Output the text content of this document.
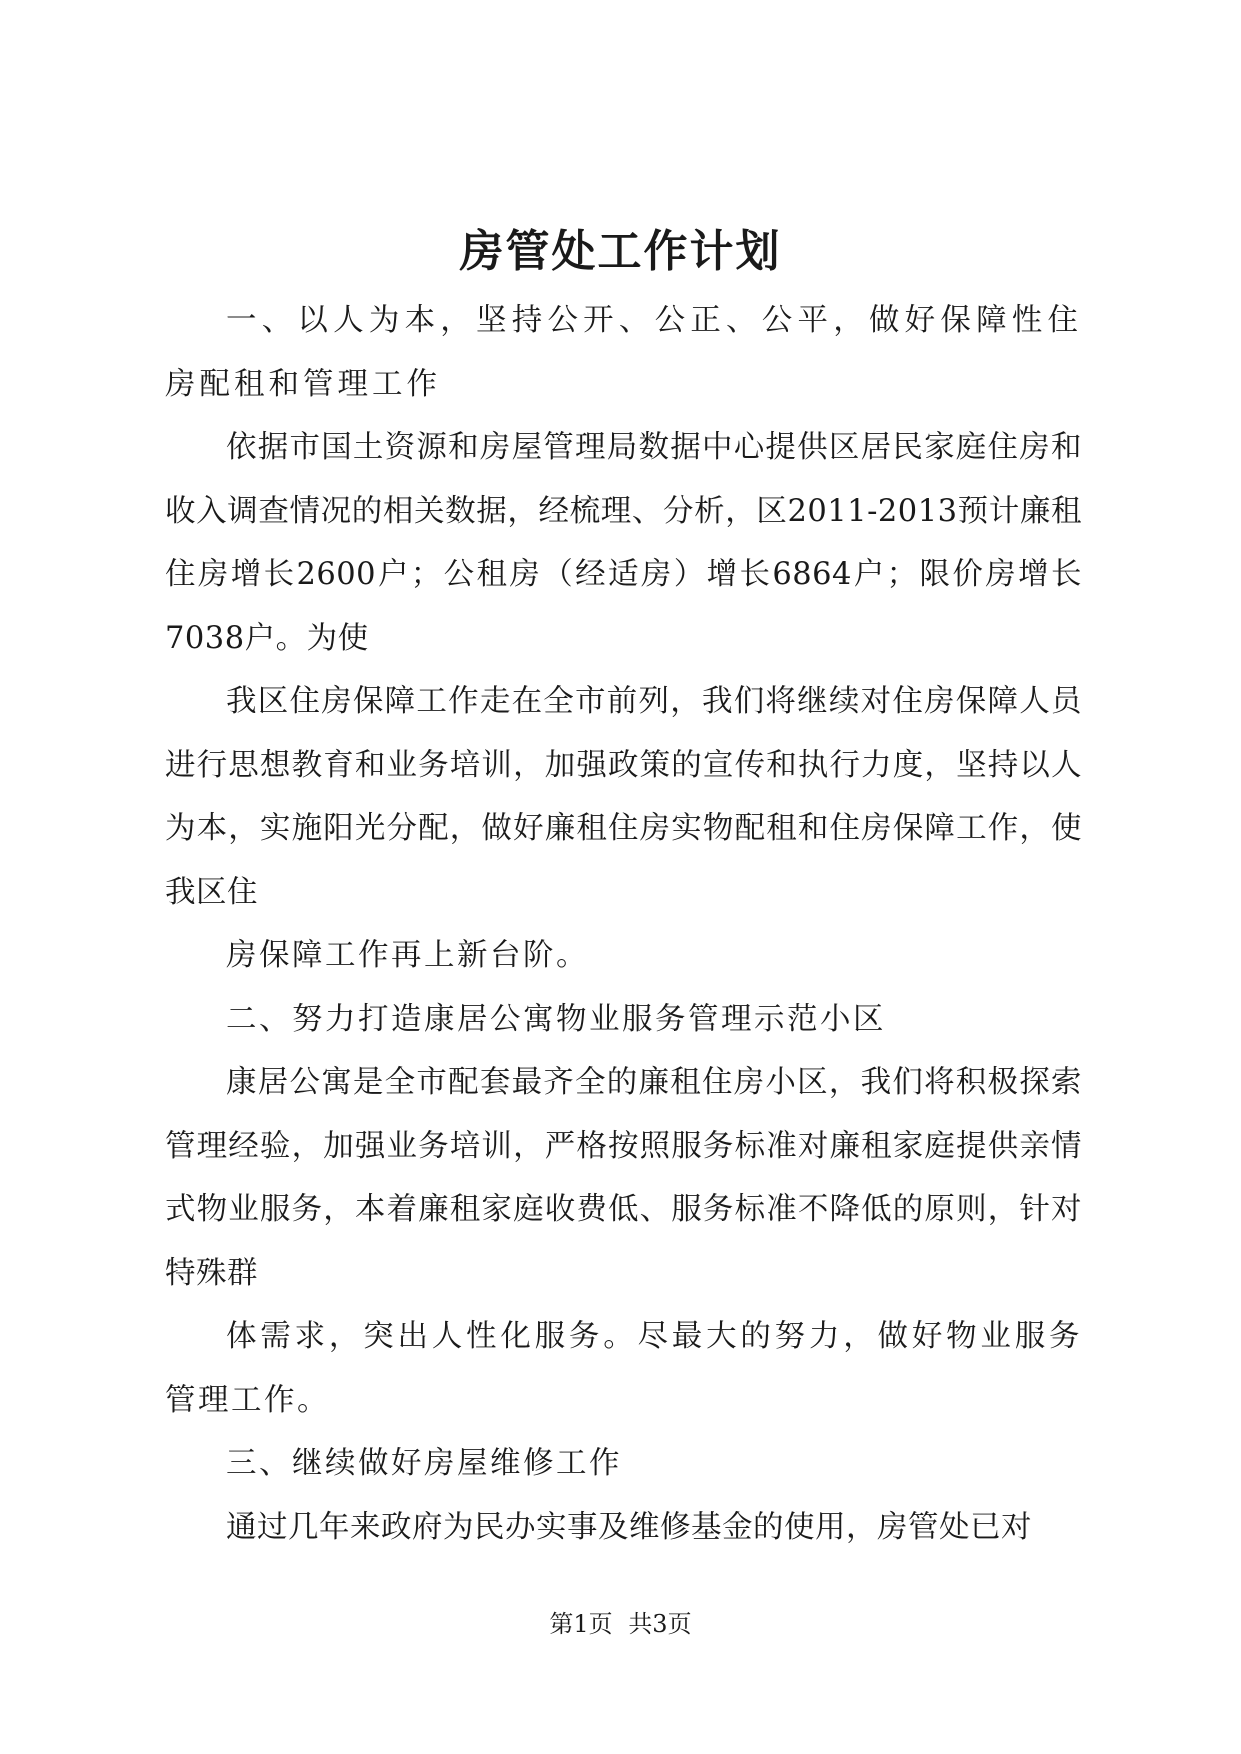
房管处工作计划

一、以人为本，坚持公开、公正、公平，做好保障性住房配租和管理工作

依据市国土资源和房屋管理局数据中心提供区居民家庭住房和收入调查情况的相关数据，经梳理、分析，区2011-2013预计廉租住房增长2600户；公租房（经适房）增长6864户；限价房增长7038户。为使

我区住房保障工作走在全市前列，我们将继续对住房保障人员进行思想教育和业务培训，加强政策的宣传和执行力度，坚持以人为本，实施阳光分配，做好廉租住房实物配租和住房保障工作，使我区住

房保障工作再上新台阶。

二、努力打造康居公寓物业服务管理示范小区

康居公寓是全市配套最齐全的廉租住房小区，我们将积极探索管理经验，加强业务培训，严格按照服务标准对廉租家庭提供亲情式物业服务，本着廉租家庭收费低、服务标准不降低的原则，针对特殊群

体需求，突出人性化服务。尽最大的努力，做好物业服务管理工作。

三、继续做好房屋维修工作

通过几年来政府为民办实事及维修基金的使用，房管处已对

第1页 共3页
